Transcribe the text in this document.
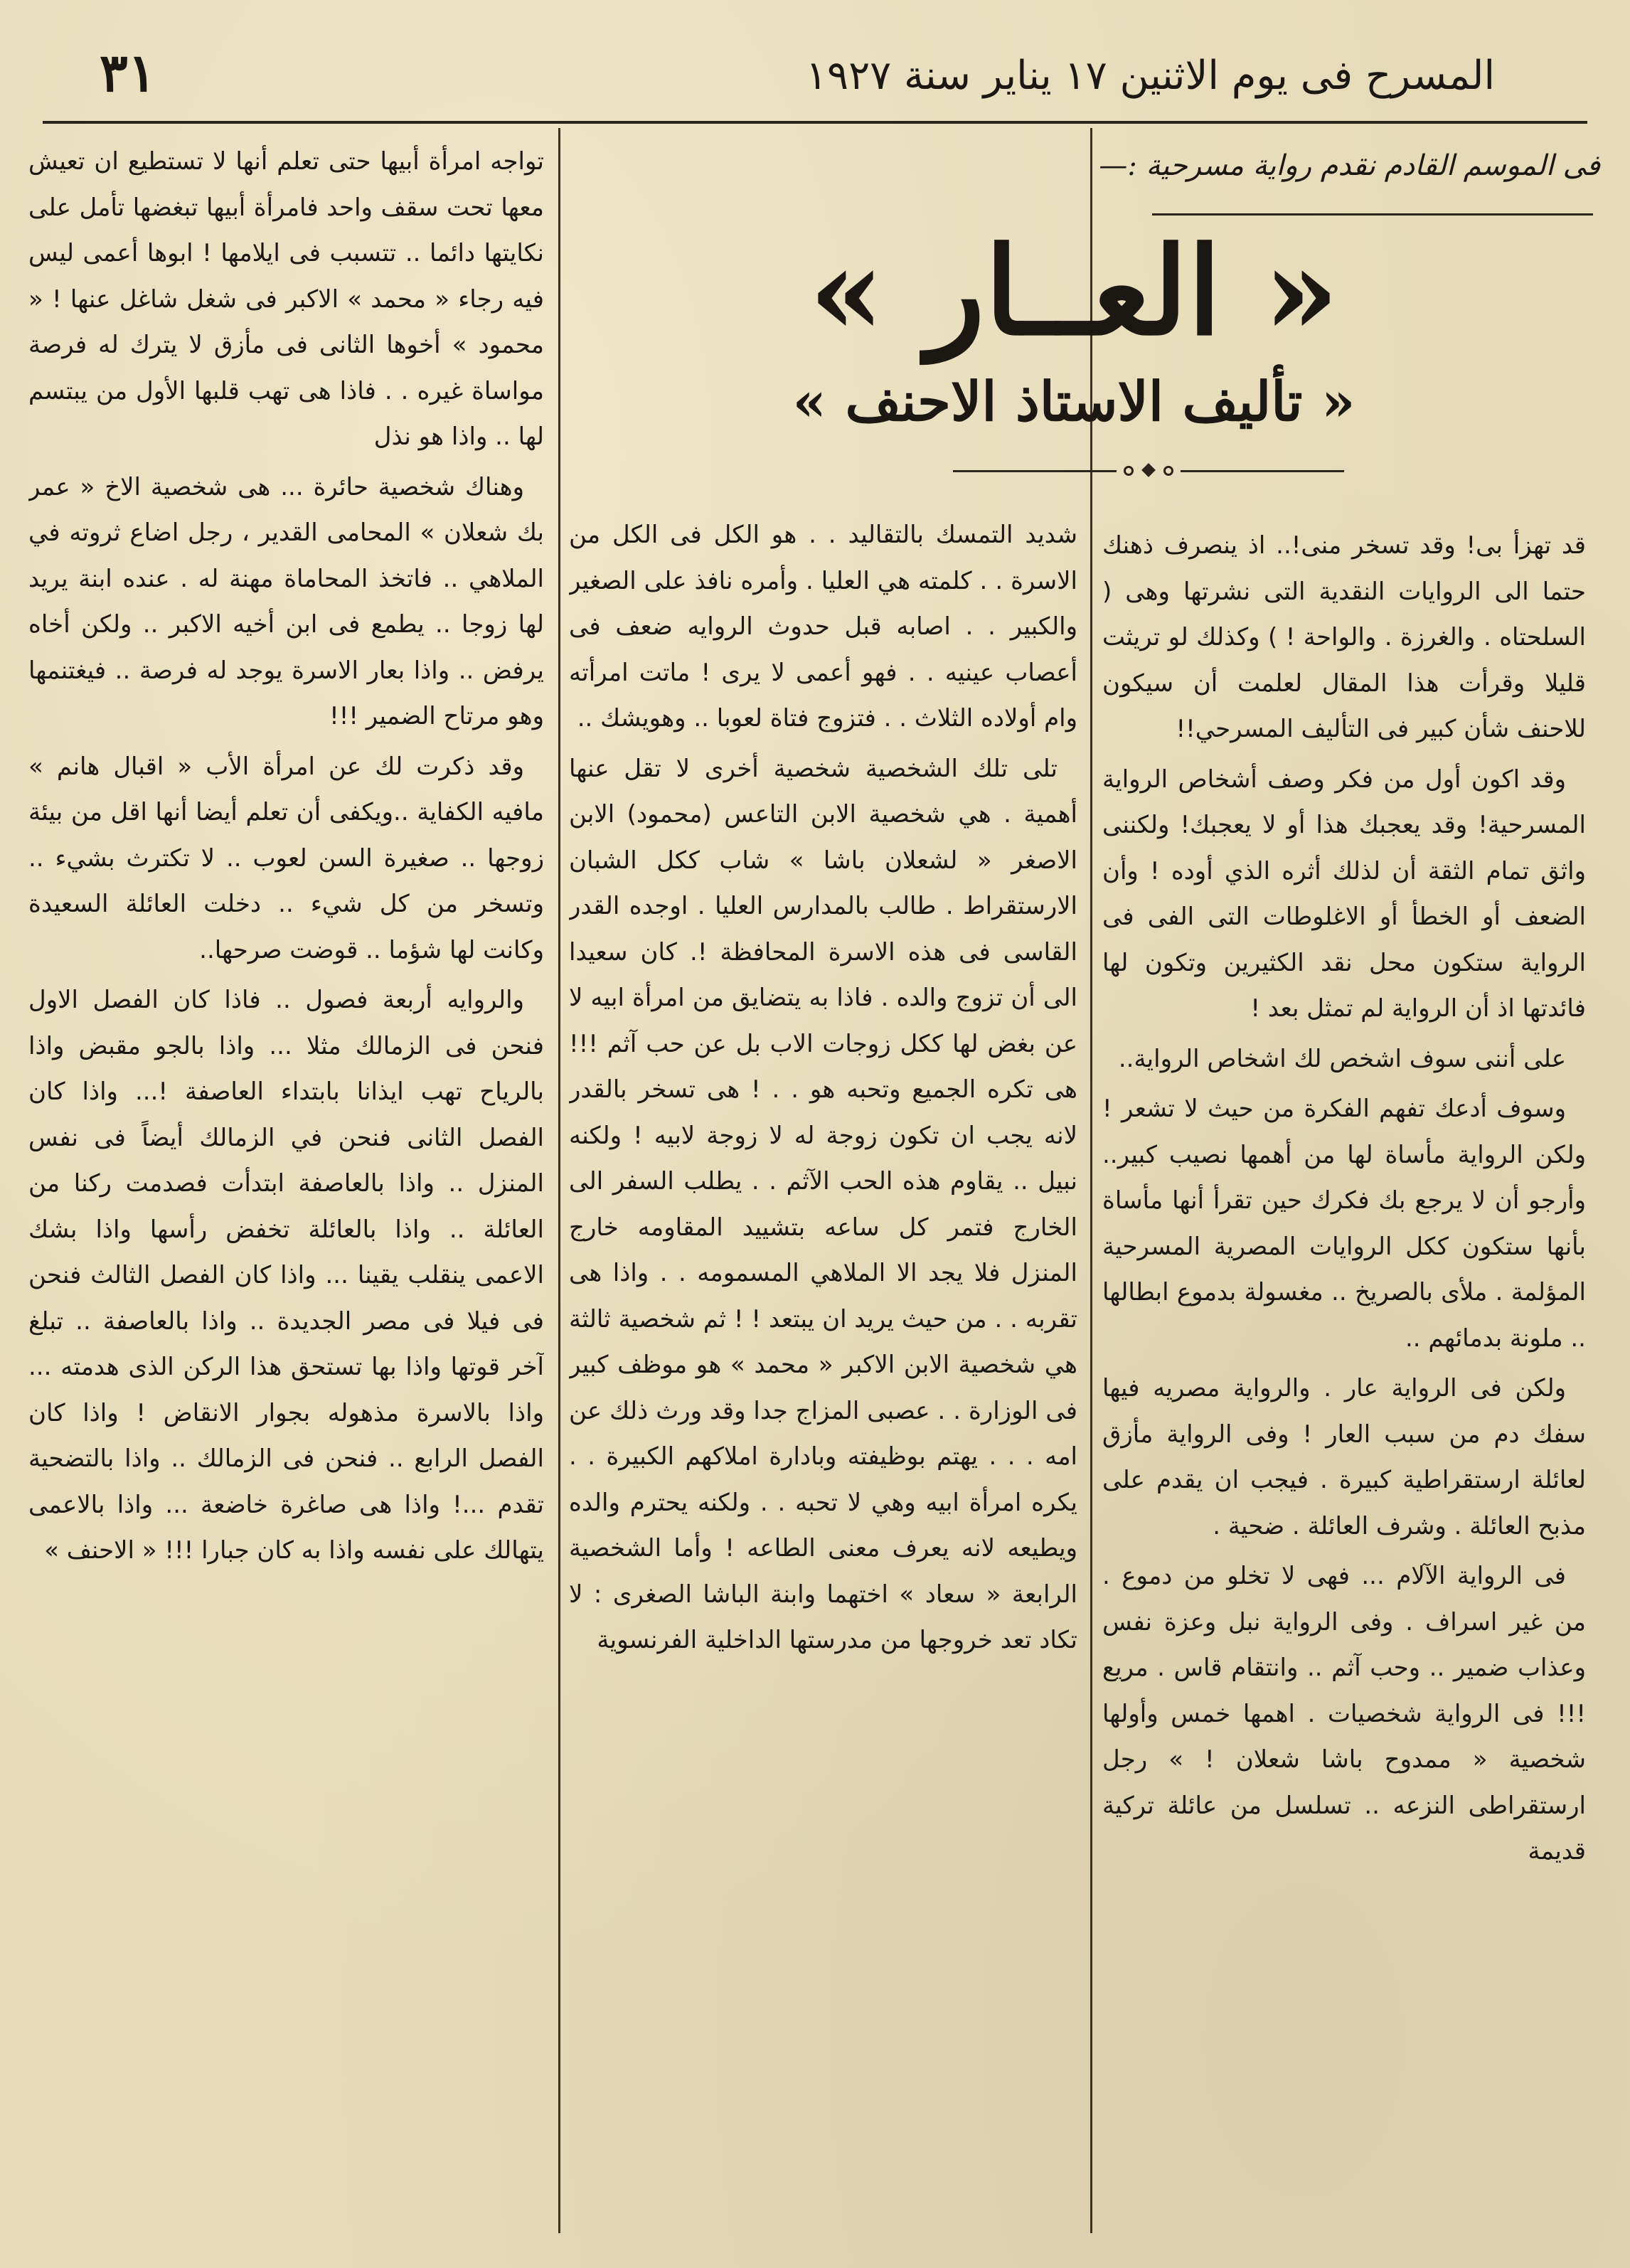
٣١	المسرح فى يوم الاثنين ١٧ يناير سنة ١٩٢٧
فى الموسم القادم نقدم رواية مسرحية :—
« العــار »
« تأليف الاستاذ الاحنف »

قد تهزأ بى! وقد تسخر منى!.. اذ ينصرف ذهنك حتما الى الروايات النقدية التى نشرتها وهى ( السلحتاه . والغرزة . والواحة ! ) وكذلك لو تريثت قليلا وقرأت هذا المقال لعلمت أن سيكون للاحنف شأن كبير فى التأليف المسرحي!!

وقد اكون أول من فكر وصف أشخاص الرواية المسرحية! وقد يعجبك هذا أو لا يعجبك! ولكننى واثق تمام الثقة أن لذلك أثره الذي أوده ! وأن الضعف أو الخطأ أو الاغلوطات التى الفى فى الرواية ستكون محل نقد الكثيرين وتكون لها فائدتها اذ أن الرواية لم تمثل بعد !

على أننى سوف اشخص لك اشخاص الرواية..

وسوف أدعك تفهم الفكرة من حيث لا تشعر ! ولكن الرواية مأساة لها من أهمها نصيب كبير.. وأرجو أن لا يرجع بك فكرك حين تقرأ أنها مأساة بأنها ستكون ككل الروايات المصرية المسرحية المؤلمة . ملأى بالصريخ .. مغسولة بدموع ابطالها .. ملونة بدمائهم ..

ولكن فى الرواية عار . والرواية مصريه فيها سفك دم من سبب العار ! وفى الرواية مأزق لعائلة ارستقراطية كبيرة . فيجب ان يقدم على مذبح العائلة . وشرف العائلة . ضحية .

فى الرواية الآلام ... فهى لا تخلو من دموع . من غير اسراف . وفى الرواية نبل وعزة نفس وعذاب ضمير .. وحب آثم .. وانتقام قاس . مريع !!! فى الرواية شخصيات . اهمها خمس وأولها شخصية « ممدوح باشا شعلان ! » رجل ارستقراطى النزعه .. تسلسل من عائلة تركية قديمة

شديد التمسك بالتقاليد . . هو الكل فى الكل من الاسرة . . كلمته هي العليا . وأمره نافذ على الصغير والكبير . . اصابه قبل حدوث الروايه ضعف فى أعصاب عينيه . . فهو أعمى لا يرى ! ماتت امرأته وام أولاده الثلاث . . فتزوج فتاة لعوبا .. وهويشك ..

تلى تلك الشخصية شخصية أخرى لا تقل عنها أهمية . هي شخصية الابن التاعس (محمود) الابن الاصغر « لشعلان باشا » شاب ككل الشبان الارستقراط . طالب بالمدارس العليا . اوجده القدر القاسى فى هذه الاسرة المحافظة !. كان سعيدا الى أن تزوج والده . فاذا به يتضايق من امرأة ابيه لا عن بغض لها ككل زوجات الاب بل عن حب آثم !!! هى تكره الجميع وتحبه هو . . ! هى تسخر بالقدر لانه يجب ان تكون زوجة له لا زوجة لابيه ! ولكنه نبيل .. يقاوم هذه الحب الآثم . . يطلب السفر الى الخارج فتمر كل ساعه بتشييد المقاومه خارج المنزل فلا يجد الا الملاهي المسمومه . . واذا هى تقربه . . من حيث يريد ان يبتعد ! ! ثم شخصية ثالثة هي شخصية الابن الاكبر « محمد » هو موظف كبير فى الوزارة . . عصبى المزاج جدا وقد ورث ذلك عن امه . . . يهتم بوظيفته وبادارة املاكهم الكبيرة . . يكره امرأة ابيه وهي لا تحبه . . ولكنه يحترم والده ويطيعه لانه يعرف معنى الطاعه ! وأما الشخصية الرابعة « سعاد » اختهما وابنة الباشا الصغرى : لا تكاد تعد خروجها من مدرستها الداخلية الفرنسوية

تواجه امرأة أبيها حتى تعلم أنها لا تستطيع ان تعيش معها تحت سقف واحد فامرأة أبيها تبغضها تأمل على نكايتها دائما .. تتسبب فى ايلامها ! ابوها أعمى ليس فيه رجاء « محمد » الاكبر فى شغل شاغل عنها ! « محمود » أخوها الثانى فى مأزق لا يترك له فرصة مواساة غيره . . فاذا هى تهب قلبها الأول من يبتسم لها .. واذا هو نذل

وهناك شخصية حائرة ... هى شخصية الاخ « عمر بك شعلان » المحامى القدير ، رجل اضاع ثروته في الملاهي .. فاتخذ المحاماة مهنة له . عنده ابنة يريد لها زوجا .. يطمع فى ابن أخيه الاكبر .. ولكن أخاه يرفض .. واذا بعار الاسرة يوجد له فرصة .. فيغتنمها وهو مرتاح الضمير !!!

وقد ذكرت لك عن امرأة الأب « اقبال هانم » مافيه الكفاية ..ويكفى أن تعلم أيضا أنها اقل من بيئة زوجها .. صغيرة السن لعوب .. لا تكترث بشيء .. وتسخر من كل شيء .. دخلت العائلة السعيدة وكانت لها شؤما .. قوضت صرحها..

والروايه أربعة فصول .. فاذا كان الفصل الاول فنحن فى الزمالك مثلا ... واذا بالجو مقبض واذا بالرياح تهب ايذانا بابتداء العاصفة !... واذا كان الفصل الثانى فنحن في الزمالك أيضاً فى نفس المنزل .. واذا بالعاصفة ابتدأت فصدمت ركنا من العائلة .. واذا بالعائلة تخفض رأسها واذا بشك الاعمى ينقلب يقينا ... واذا كان الفصل الثالث فنحن فى فيلا فى مصر الجديدة .. واذا بالعاصفة .. تبلغ آخر قوتها واذا بها تستحق هذا الركن الذى هدمته ... واذا بالاسرة مذهوله بجوار الانقاض ! واذا كان الفصل الرابع .. فنحن فى الزمالك .. واذا بالتضحية تقدم ...! واذا هى صاغرة خاضعة ... واذا بالاعمى يتهالك على نفسه واذا به كان جبارا !!! « الاحنف »
